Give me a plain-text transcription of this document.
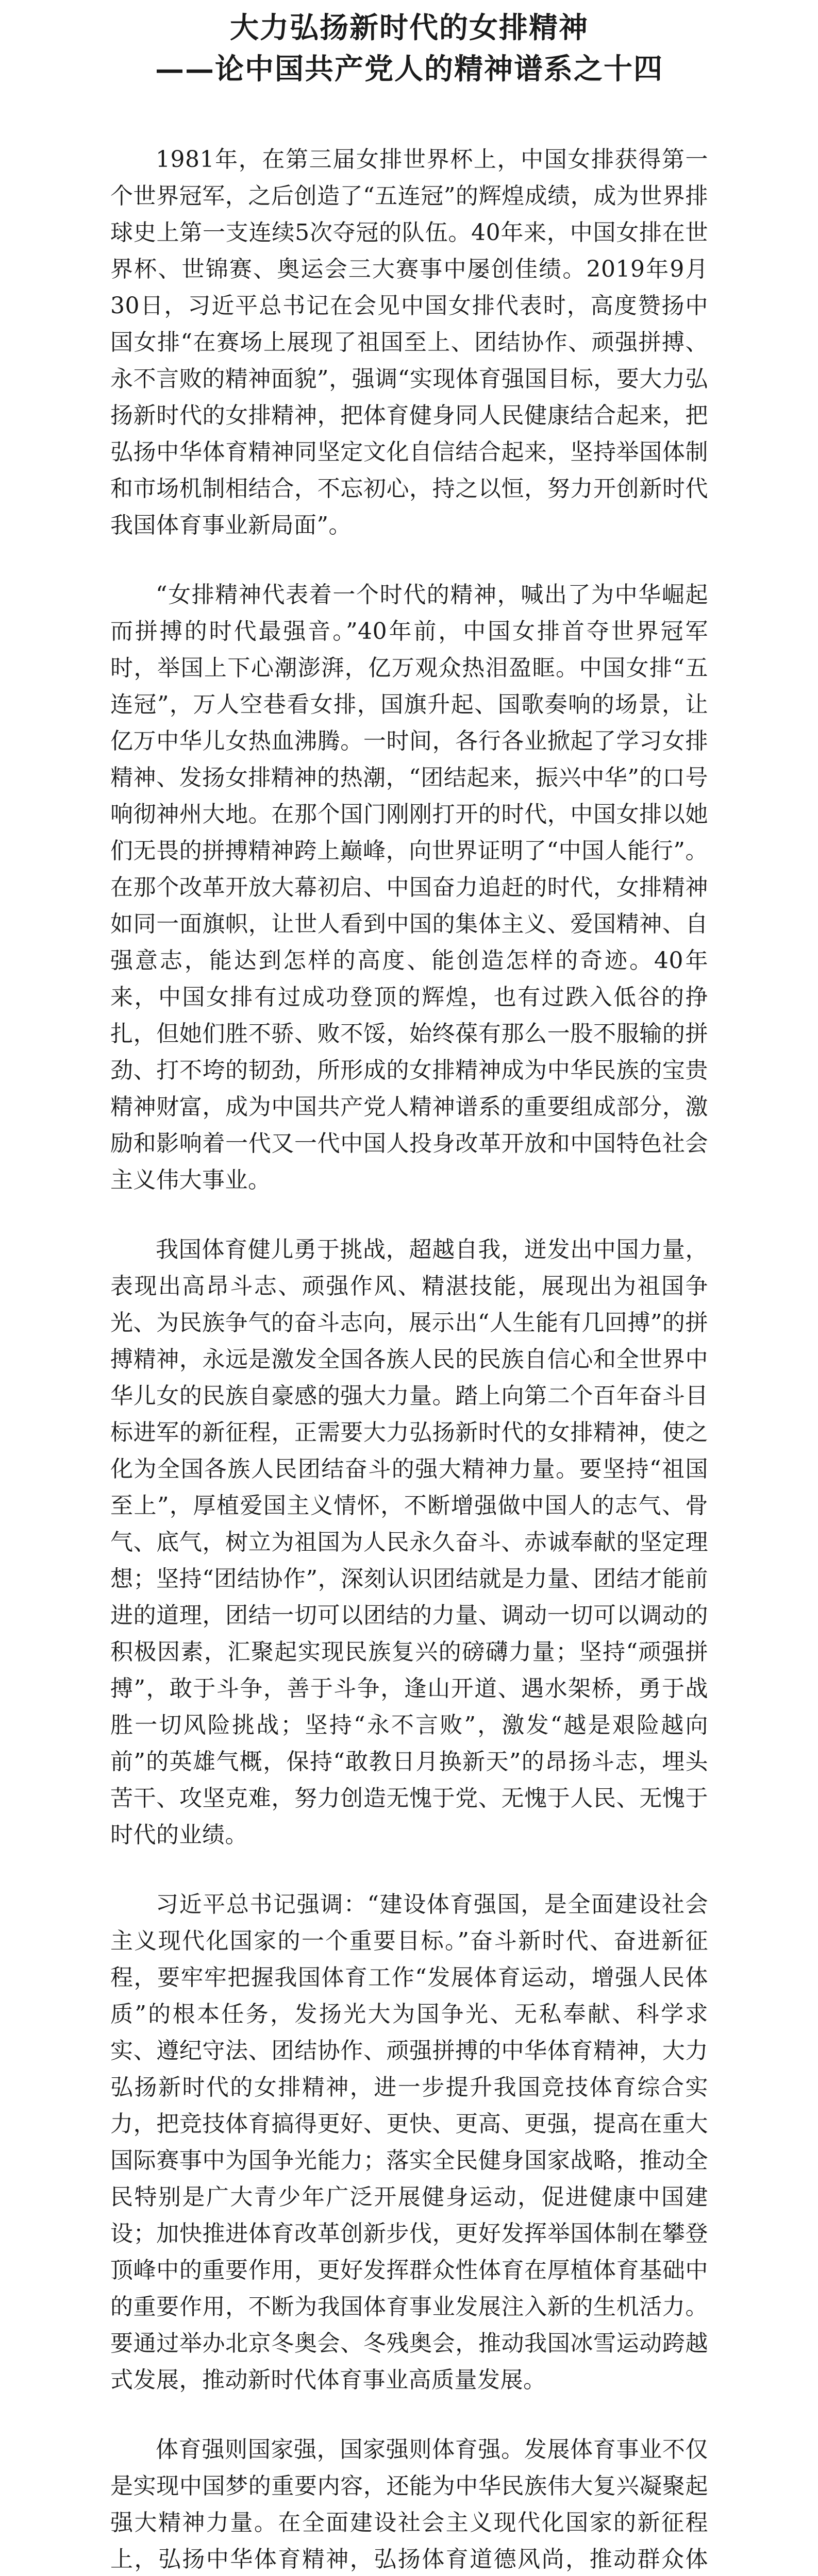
大力弘扬新时代的女排精神
——论中国共产党人的精神谱系之十四

1981年，在第三届女排世界杯上，中国女排获得第一个世界冠军，之后创造了“五连冠”的辉煌成绩，成为世界排球史上第一支连续5次夺冠的队伍。40年来，中国女排在世界杯、世锦赛、奥运会三大赛事中屡创佳绩。2019年9月30日，习近平总书记在会见中国女排代表时，高度赞扬中国女排“在赛场上展现了祖国至上、团结协作、顽强拼搏、永不言败的精神面貌”，强调“实现体育强国目标，要大力弘扬新时代的女排精神，把体育健身同人民健康结合起来，把弘扬中华体育精神同坚定文化自信结合起来，坚持举国体制和市场机制相结合，不忘初心，持之以恒，努力开创新时代我国体育事业新局面”。

“女排精神代表着一个时代的精神，喊出了为中华崛起而拼搏的时代最强音。”40年前，中国女排首夺世界冠军时，举国上下心潮澎湃，亿万观众热泪盈眶。中国女排“五连冠”，万人空巷看女排，国旗升起、国歌奏响的场景，让亿万中华儿女热血沸腾。一时间，各行各业掀起了学习女排精神、发扬女排精神的热潮，“团结起来，振兴中华”的口号响彻神州大地。在那个国门刚刚打开的时代，中国女排以她们无畏的拼搏精神跨上巅峰，向世界证明了“中国人能行”。在那个改革开放大幕初启、中国奋力追赶的时代，女排精神如同一面旗帜，让世人看到中国的集体主义、爱国精神、自强意志，能达到怎样的高度、能创造怎样的奇迹。40年来，中国女排有过成功登顶的辉煌，也有过跌入低谷的挣扎，但她们胜不骄、败不馁，始终葆有那么一股不服输的拼劲、打不垮的韧劲，所形成的女排精神成为中华民族的宝贵精神财富，成为中国共产党人精神谱系的重要组成部分，激励和影响着一代又一代中国人投身改革开放和中国特色社会主义伟大事业。

我国体育健儿勇于挑战，超越自我，迸发出中国力量，表现出高昂斗志、顽强作风、精湛技能，展现出为祖国争光、为民族争气的奋斗志向，展示出“人生能有几回搏”的拼搏精神，永远是激发全国各族人民的民族自信心和全世界中华儿女的民族自豪感的强大力量。踏上向第二个百年奋斗目标进军的新征程，正需要大力弘扬新时代的女排精神，使之化为全国各族人民团结奋斗的强大精神力量。要坚持“祖国至上”，厚植爱国主义情怀，不断增强做中国人的志气、骨气、底气，树立为祖国为人民永久奋斗、赤诚奉献的坚定理想；坚持“团结协作”，深刻认识团结就是力量、团结才能前进的道理，团结一切可以团结的力量、调动一切可以调动的积极因素，汇聚起实现民族复兴的磅礴力量；坚持“顽强拼搏”，敢于斗争，善于斗争，逢山开道、遇水架桥，勇于战胜一切风险挑战；坚持“永不言败”，激发“越是艰险越向前”的英雄气概，保持“敢教日月换新天”的昂扬斗志，埋头苦干、攻坚克难，努力创造无愧于党、无愧于人民、无愧于时代的业绩。

习近平总书记强调：“建设体育强国，是全面建设社会主义现代化国家的一个重要目标。”奋斗新时代、奋进新征程，要牢牢把握我国体育工作“发展体育运动，增强人民体质”的根本任务，发扬光大为国争光、无私奉献、科学求实、遵纪守法、团结协作、顽强拼搏的中华体育精神，大力弘扬新时代的女排精神，进一步提升我国竞技体育综合实力，把竞技体育搞得更好、更快、更高、更强，提高在重大国际赛事中为国争光能力；落实全民健身国家战略，推动全民特别是广大青少年广泛开展健身运动，促进健康中国建设；加快推进体育改革创新步伐，更好发挥举国体制在攀登顶峰中的重要作用，更好发挥群众性体育在厚植体育基础中的重要作用，不断为我国体育事业发展注入新的生机活力。要通过举办北京冬奥会、冬残奥会，推动我国冰雪运动跨越式发展，推动新时代体育事业高质量发展。

体育强则国家强，国家强则体育强。发展体育事业不仅是实现中国梦的重要内容，还能为中华民族伟大复兴凝聚起强大精神力量。在全面建设社会主义现代化国家的新征程上，弘扬中华体育精神，弘扬体育道德风尚，推动群众体
